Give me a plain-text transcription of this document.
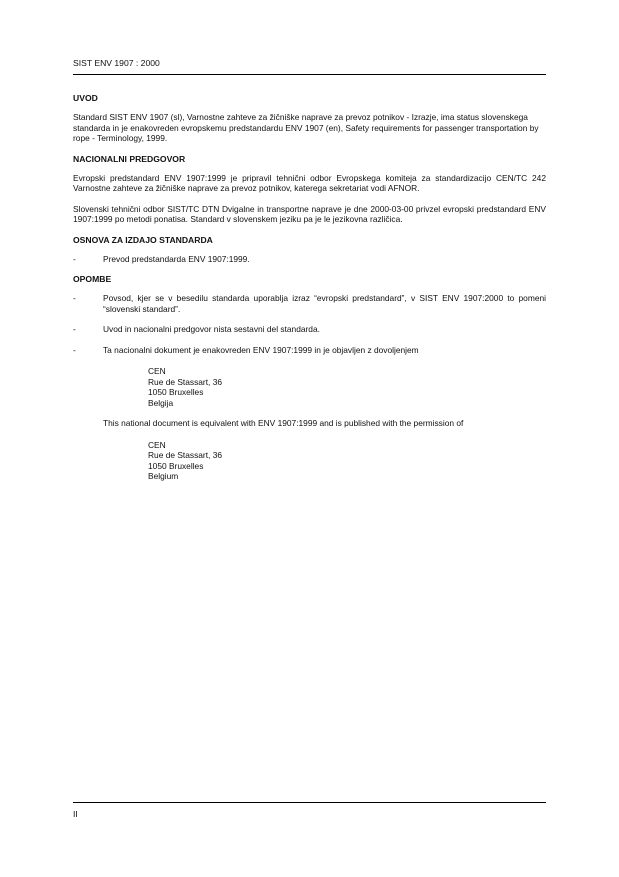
SIST ENV 1907 : 2000
UVOD

Standard SIST ENV 1907 (sl), Varnostne zahteve za žičniške naprave za prevoz potnikov - Izrazje, ima status slovenskega standarda in je enakovreden evropskemu predstandardu ENV 1907 (en), Safety requirements for passenger transportation by rope - Terminology, 1999.

NACIONALNI PREDGOVOR

Evropski predstandard ENV 1907:1999 je pripravil tehnični odbor Evropskega komiteja za standardizacijo CEN/TC 242 Varnostne zahteve za žičniške naprave za prevoz potnikov, katerega sekretariat vodi AFNOR.

Slovenski tehnični odbor SIST/TC DTN Dvigalne in transportne naprave je dne 2000-03-00 privzel evropski predstandard ENV 1907:1999 po metodi ponatisa. Standard v slovenskem jeziku pa je le jezikovna različica.

OSNOVA ZA IZDAJO STANDARDA
-	Prevod predstandarda ENV 1907:1999.
OPOMBE
-	Povsod, kjer se v besedilu standarda uporablja izraz “evropski predstandard”, v SIST ENV 1907:2000 to pomeni “slovenski standard”.
-	Uvod in nacionalni predgovor nista sestavni del standarda.
-	Ta nacionalni dokument je enakovreden ENV 1907:1999 in je objavljen z dovoljenjem
CEN
Rue de Stassart, 36
1050 Bruxelles
Belgija

This national document is equivalent with ENV 1907:1999 and is published with the permission of

CEN
Rue de Stassart, 36
1050 Bruxelles
Belgium
II
